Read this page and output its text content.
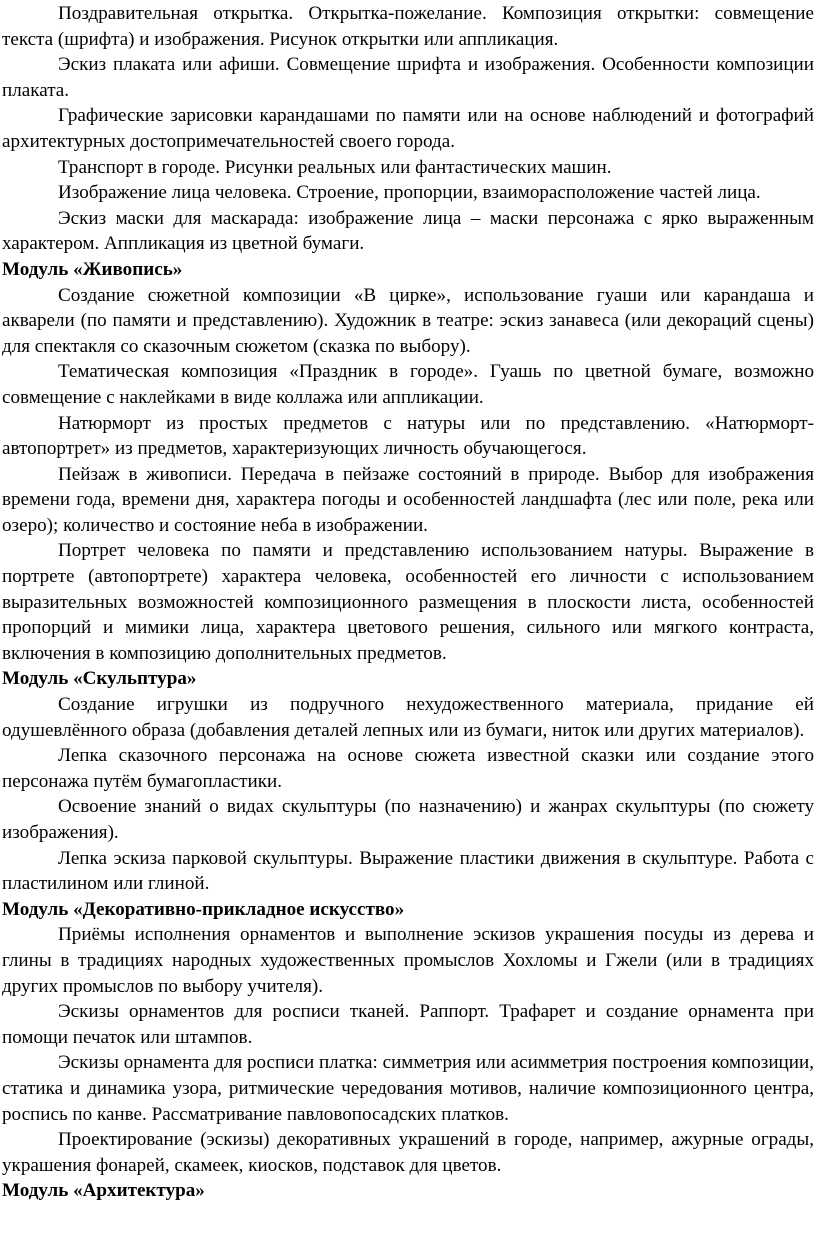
Поздравительная открытка. Открытка-пожелание. Композиция открытки: совмещение текста (шрифта) и изображения. Рисунок открытки или аппликация.

Эскиз плаката или афиши. Совмещение шрифта и изображения. Особенности композиции плаката.

Графические зарисовки карандашами по памяти или на основе наблюдений и фотографий архитектурных достопримечательностей своего города.

Транспорт в городе. Рисунки реальных или фантастических машин.

Изображение лица человека. Строение, пропорции, взаиморасположение частей лица.

Эскиз маски для маскарада: изображение лица – маски персонажа с ярко выраженным характером. Аппликация из цветной бумаги.

Модуль «Живопись»

Создание сюжетной композиции «В цирке», использование гуаши или карандаша и акварели (по памяти и представлению). Художник в театре: эскиз занавеса (или декораций сцены) для спектакля со сказочным сюжетом (сказка по выбору).

Тематическая композиция «Праздник в городе». Гуашь по цветной бумаге, возможно совмещение с наклейками в виде коллажа или аппликации.

Натюрморт из простых предметов с натуры или по представлению. «Натюрморт-автопортрет» из предметов, характеризующих личность обучающегося.

Пейзаж в живописи. Передача в пейзаже состояний в природе. Выбор для изображения времени года, времени дня, характера погоды и особенностей ландшафта (лес или поле, река или озеро); количество и состояние неба в изображении.

Портрет человека по памяти и представлению использованием натуры. Выражение в портрете (автопортрете) характера человека, особенностей его личности с использованием выразительных возможностей композиционного размещения в плоскости листа, особенностей пропорций и мимики лица, характера цветового решения, сильного или мягкого контраста, включения в композицию дополнительных предметов.

Модуль «Скульптура»

Создание игрушки из подручного нехудожественного материала, придание ей одушевлённого образа (добавления деталей лепных или из бумаги, ниток или других материалов).

Лепка сказочного персонажа на основе сюжета известной сказки или создание этого персонажа путём бумагопластики.

Освоение знаний о видах скульптуры (по назначению) и жанрах скульптуры (по сюжету изображения).

Лепка эскиза парковой скульптуры. Выражение пластики движения в скульптуре. Работа с пластилином или глиной.

Модуль «Декоративно-прикладное искусство»

Приёмы исполнения орнаментов и выполнение эскизов украшения посуды из дерева и глины в традициях народных художественных промыслов Хохломы и Гжели (или в традициях других промыслов по выбору учителя).

Эскизы орнаментов для росписи тканей. Раппорт. Трафарет и создание орнамента при помощи печаток или штампов.

Эскизы орнамента для росписи платка: симметрия или асимметрия построения композиции, статика и динамика узора, ритмические чередования мотивов, наличие композиционного центра, роспись по канве. Рассматривание павловопосадских платков.

Проектирование (эскизы) декоративных украшений в городе, например, ажурные ограды, украшения фонарей, скамеек, киосков, подставок для цветов.

Модуль «Архитектура»
